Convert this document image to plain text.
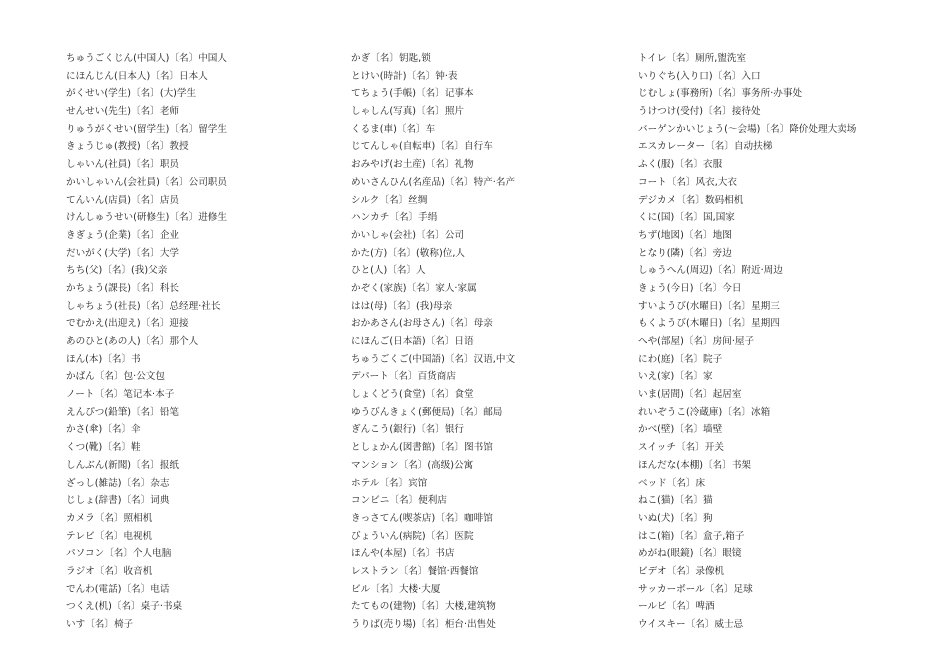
ちゅうごくじん(中国人)〔名〕中国人
にほんじん(日本人)〔名〕日本人
がくせい(学生)〔名〕(大)学生
せんせい(先生)〔名〕老师
りゅうがくせい(留学生)〔名〕留学生
きょうじゅ(教授)〔名〕教授
しゃいん(社員)〔名〕职员
かいしゃいん(会社員)〔名〕公司职员
てんいん(店員)〔名〕店员
けんしゅうせい(研修生)〔名〕进修生
きぎょう(企業)〔名〕企业
だいがく(大学)〔名〕大学
ちち(父)〔名〕(我)父亲
かちょう(課長)〔名〕科长
しゃちょう(社長)〔名〕总经理·社长
でむかえ(出迎え)〔名〕迎接
あのひと(あの人)〔名〕那个人
ほん(本)〔名〕书
かばん〔名〕包·公文包
ノート〔名〕笔记本·本子
えんぴつ(鉛筆)〔名〕铅笔
かさ(傘)〔名〕伞
くつ(靴)〔名〕鞋
しんぶん(新聞)〔名〕报纸
ざっし(雑誌)〔名〕杂志
じしょ(辞書)〔名〕词典
カメラ〔名〕照相机
テレビ〔名〕电视机
パソコン〔名〕个人电脑
ラジオ〔名〕收音机
でんわ(電話)〔名〕电话
つくえ(机)〔名〕桌子·书桌
いす〔名〕椅子
かぎ〔名〕钥匙,锁
とけい(時計)〔名〕钟·表
てちょう(手帳)〔名〕记事本
しゃしん(写真)〔名〕照片
くるま(車)〔名〕车
じてんしゃ(自転車)〔名〕自行车
おみやげ(お土産)〔名〕礼物
めいさんひん(名産品)〔名〕特产·名产
シルク〔名〕丝绸
ハンカチ〔名〕手绢
かいしゃ(会社)〔名〕公司
かた(方)〔名〕(敬称)位,人
ひと(人)〔名〕人
かぞく(家族)〔名〕家人·家属
はは(母)〔名〕(我)母亲
おかあさん(お母さん)〔名〕母亲
にほんご(日本語)〔名〕日语
ちゅうごくご(中国語)〔名〕汉语,中文
デパート〔名〕百货商店
しょくどう(食堂)〔名〕食堂
ゆうびんきょく(郵便局)〔名〕邮局
ぎんこう(銀行)〔名〕银行
としょかん(図書館)〔名〕图书馆
マンション〔名〕(高级)公寓
ホテル〔名〕宾馆
コンビニ〔名〕便利店
きっさてん(喫茶店)〔名〕咖啡馆
びょういん(病院)〔名〕医院
ほんや(本屋)〔名〕书店
レストラン〔名〕餐馆·西餐馆
ビル〔名〕大楼·大厦
たてもの(建物)〔名〕大楼,建筑物
うりば(売り場)〔名〕柜台·出售处
トイレ〔名〕厕所,盥洗室
いりぐち(入り口)〔名〕入口
じむしょ(事務所)〔名〕事务所·办事处
うけつけ(受付)〔名〕接待处
バーゲンかいじょう(～会場)〔名〕降价处理大卖场
エスカレーター〔名〕自动扶梯
ふく(服)〔名〕衣服
コート〔名〕风衣,大衣
デジカメ〔名〕数码相机
くに(国)〔名〕国,国家
ちず(地図)〔名〕地图
となり(隣)〔名〕旁边
しゅうへん(周辺)〔名〕附近·周边
きょう(今日)〔名〕今日
すいようび(水曜日)〔名〕星期三
もくようび(木曜日)〔名〕星期四
へや(部屋)〔名〕房间·屋子
にわ(庭)〔名〕院子
いえ(家)〔名〕家
いま(居間)〔名〕起居室
れいぞうこ(冷蔵庫)〔名〕冰箱
かべ(壁)〔名〕墙壁
スイッチ〔名〕开关
ほんだな(本棚)〔名〕书架
ベッド〔名〕床
ねこ(猫)〔名〕猫
いぬ(犬)〔名〕狗
はこ(箱)〔名〕盒子,箱子
めがね(眼鏡)〔名〕眼镜
ビデオ〔名〕录像机
サッカーボール〔名〕足球
ールビ〔名〕啤酒
ウイスキー〔名〕威士忌
